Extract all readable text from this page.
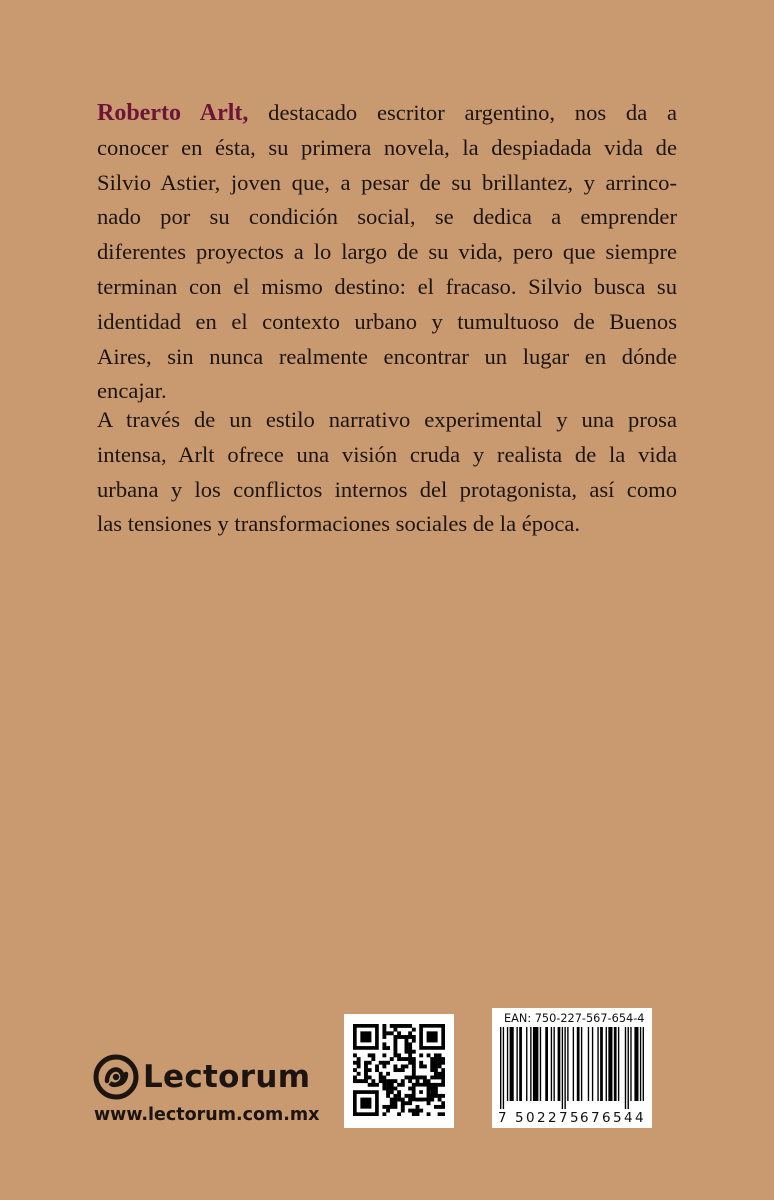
Roberto Arlt, destacado escritor argentino, nos da a

conocer en ésta, su primera novela, la despiadada vida de

Silvio Astier, joven que, a pesar de su brillantez, y arrinco-

nado por su condición social, se dedica a emprender

diferentes proyectos a lo largo de su vida, pero que siempre

terminan con el mismo destino: el fracaso. Silvio busca su

identidad en el contexto urbano y tumultuoso de Buenos

Aires, sin nunca realmente encontrar un lugar en dónde

encajar.

A través de un estilo narrativo experimental y una prosa

intensa, Arlt ofrece una visión cruda y realista de la vida

urbana y los conflictos internos del protagonista, así como

las tensiones y transformaciones sociales de la época.

Lectorum
www.lectorum.com.mx
EAN: 750-227-567-654-4
7 502275 676544
